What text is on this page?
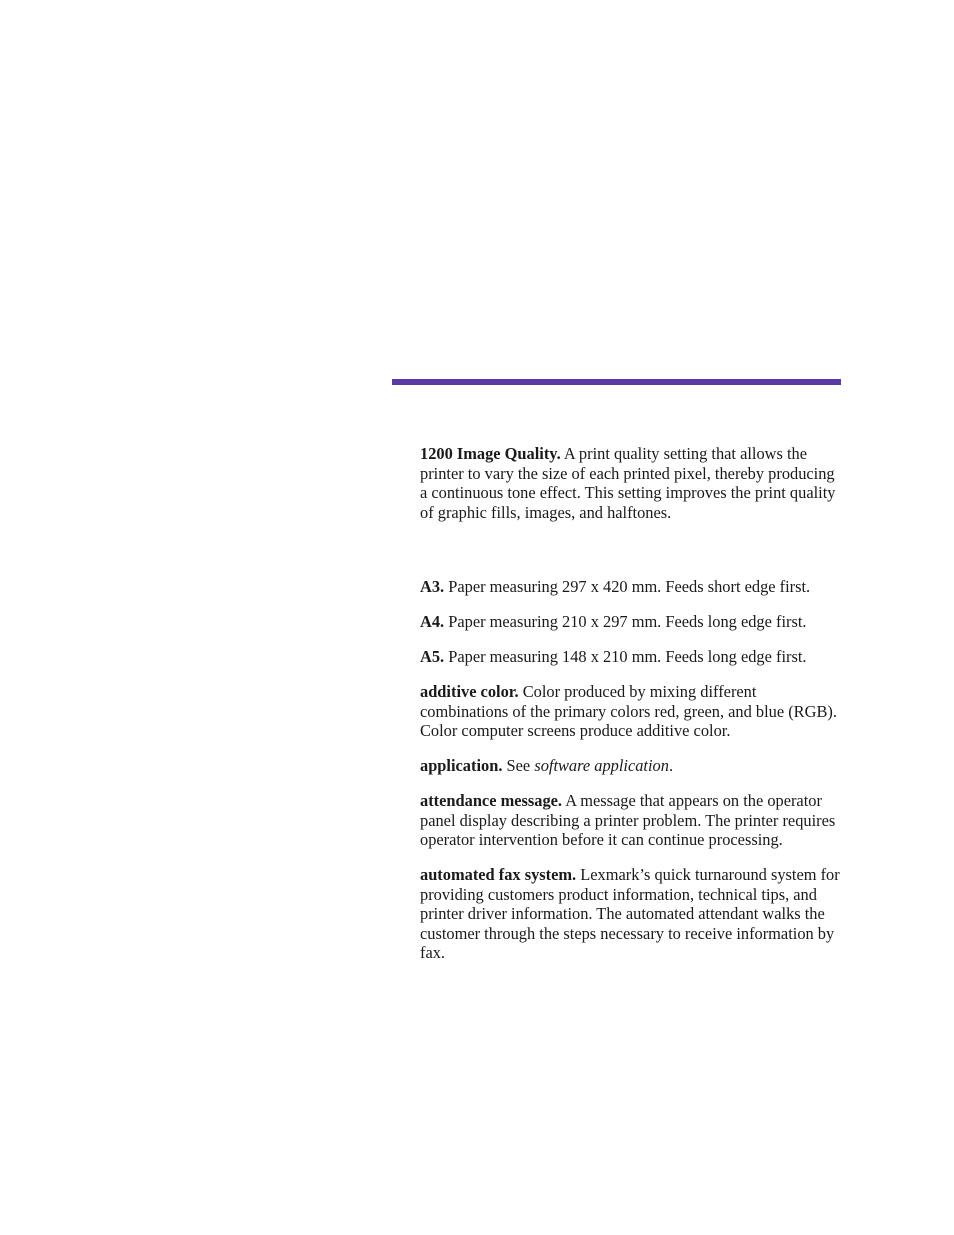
1200 Image Quality. A print quality setting that allows the printer to vary the size of each printed pixel, thereby producing a continuous tone effect. This setting improves the print quality of graphic fills, images, and halftones.

A3. Paper measuring 297 x 420 mm. Feeds short edge first.

A4. Paper measuring 210 x 297 mm. Feeds long edge first.

A5. Paper measuring 148 x 210 mm. Feeds long edge first.

additive color. Color produced by mixing different combinations of the primary colors red, green, and blue (RGB). Color computer screens produce additive color.

application. See software application.

attendance message. A message that appears on the operator panel display describing a printer problem. The printer requires operator intervention before it can continue processing.

automated fax system. Lexmark’s quick turnaround system for providing customers product information, technical tips, and printer driver information. The automated attendant walks the customer through the steps necessary to receive information by fax.
